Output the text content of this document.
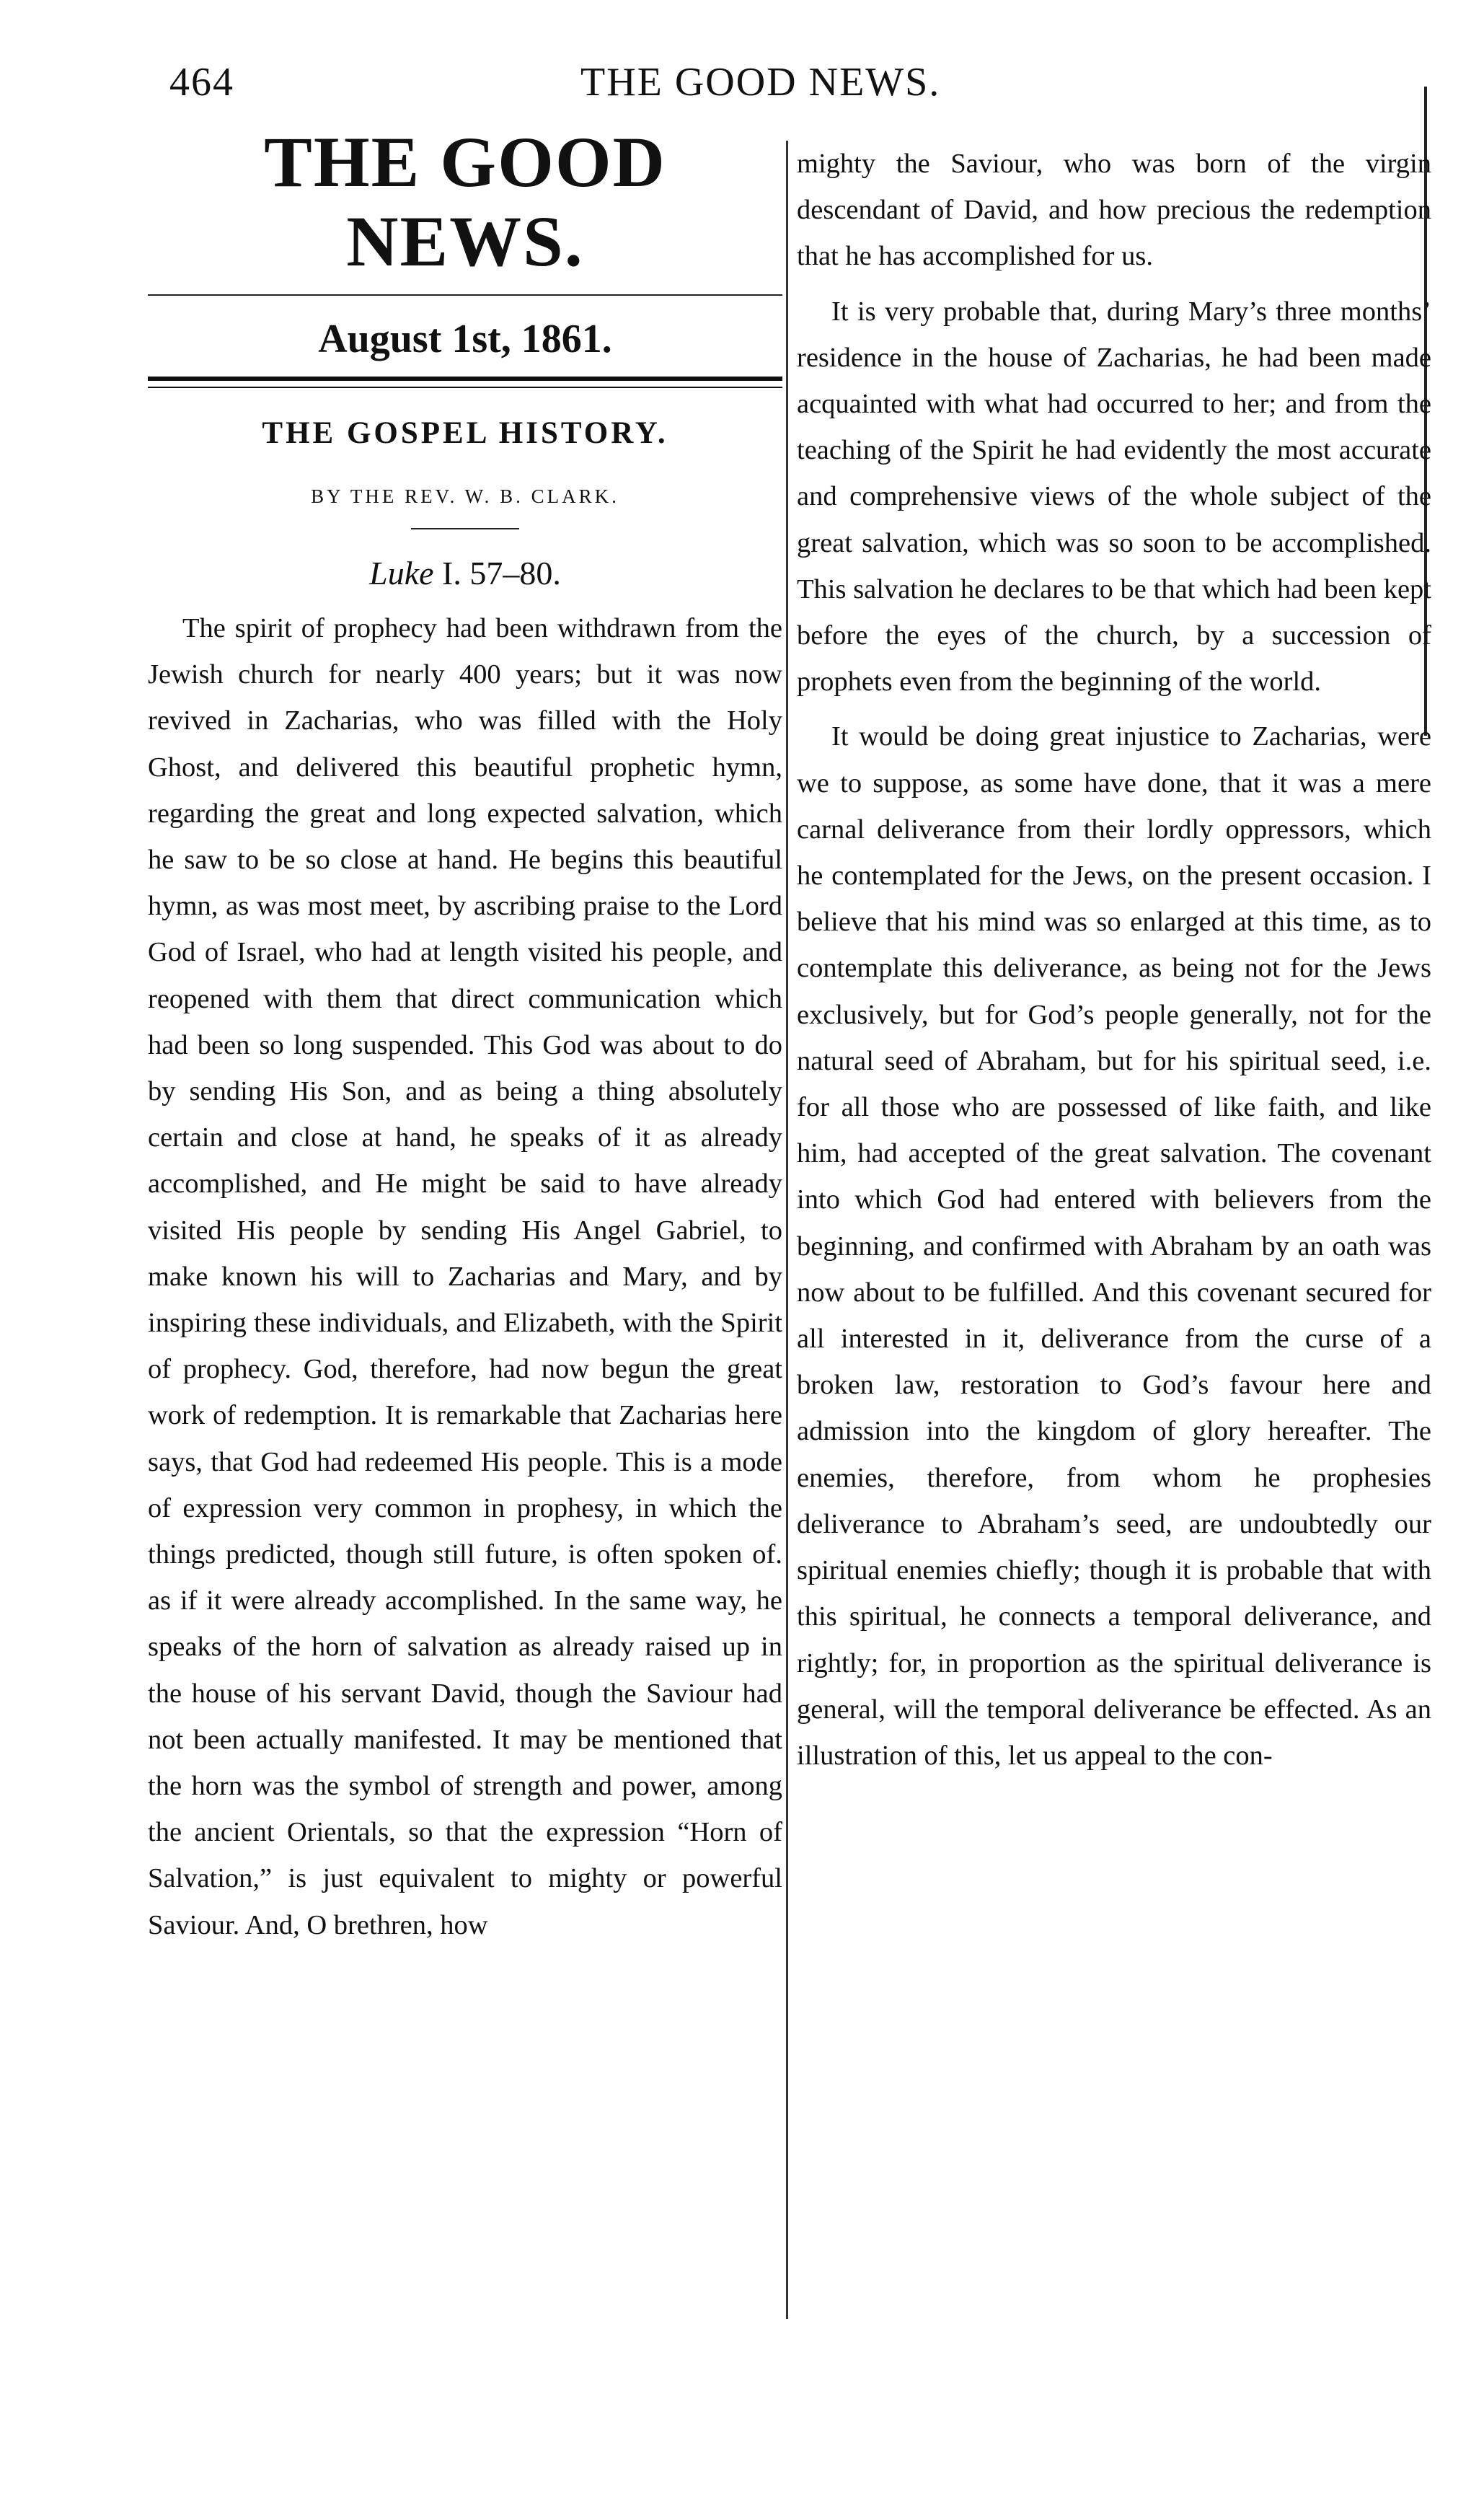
464	THE GOOD NEWS.
THE GOOD NEWS.
August 1st, 1861.
THE GOSPEL HISTORY.
BY THE REV. W. B. CLARK.
Luke I. 57–80.

The spirit of prophecy had been withdrawn from the Jewish church for nearly 400 years; but it was now revived in Zacharias, who was filled with the Holy Ghost, and delivered this beautiful prophetic hymn, regarding the great and long expected salvation, which he saw to be so close at hand. He begins this beautiful hymn, as was most meet, by ascribing praise to the Lord God of Israel, who had at length visited his people, and reopened with them that direct communication which had been so long suspended. This God was about to do by sending His Son, and as being a thing absolutely certain and close at hand, he speaks of it as already accomplished, and He might be said to have already visited His people by sending His Angel Gabriel, to make known his will to Zacharias and Mary, and by inspiring these individuals, and Elizabeth, with the Spirit of prophecy. God, therefore, had now begun the great work of redemption. It is remarkable that Zacharias here says, that God had redeemed His people. This is a mode of expression very common in prophesy, in which the things predicted, though still future, is often spoken of. as if it were already accomplished. In the same way, he speaks of the horn of salvation as already raised up in the house of his servant David, though the Saviour had not been actually manifested. It may be mentioned that the horn was the symbol of strength and power, among the ancient Orientals, so that the expression “Horn of Salvation,” is just equivalent to mighty or powerful Saviour. And, O brethren, how

mighty the Saviour, who was born of the virgin descendant of David, and how precious the redemption that he has accomplished for us.

It is very probable that, during Mary’s three months’ residence in the house of Zacharias, he had been made acquainted with what had occurred to her; and from the teaching of the Spirit he had evidently the most accurate and comprehensive views of the whole subject of the great salvation, which was so soon to be accomplished. This salvation he declares to be that which had been kept before the eyes of the church, by a succession of prophets even from the beginning of the world.

It would be doing great injustice to Zacharias, were we to suppose, as some have done, that it was a mere carnal deliverance from their lordly oppressors, which he contemplated for the Jews, on the present occasion. I believe that his mind was so enlarged at this time, as to contemplate this deliverance, as being not for the Jews exclusively, but for God’s people generally, not for the natural seed of Abraham, but for his spiritual seed, i.e. for all those who are possessed of like faith, and like him, had accepted of the great salvation. The covenant into which God had entered with believers from the beginning, and confirmed with Abraham by an oath was now about to be fulfilled. And this covenant secured for all interested in it, deliverance from the curse of a broken law, restoration to God’s favour here and admission into the kingdom of glory hereafter. The enemies, therefore, from whom he prophesies deliverance to Abraham’s seed, are undoubtedly our spiritual enemies chiefly; though it is probable that with this spiritual, he connects a temporal deliverance, and rightly; for, in proportion as the spiritual deliverance is general, will the temporal deliverance be effected. As an illustration of this, let us appeal to the con-
